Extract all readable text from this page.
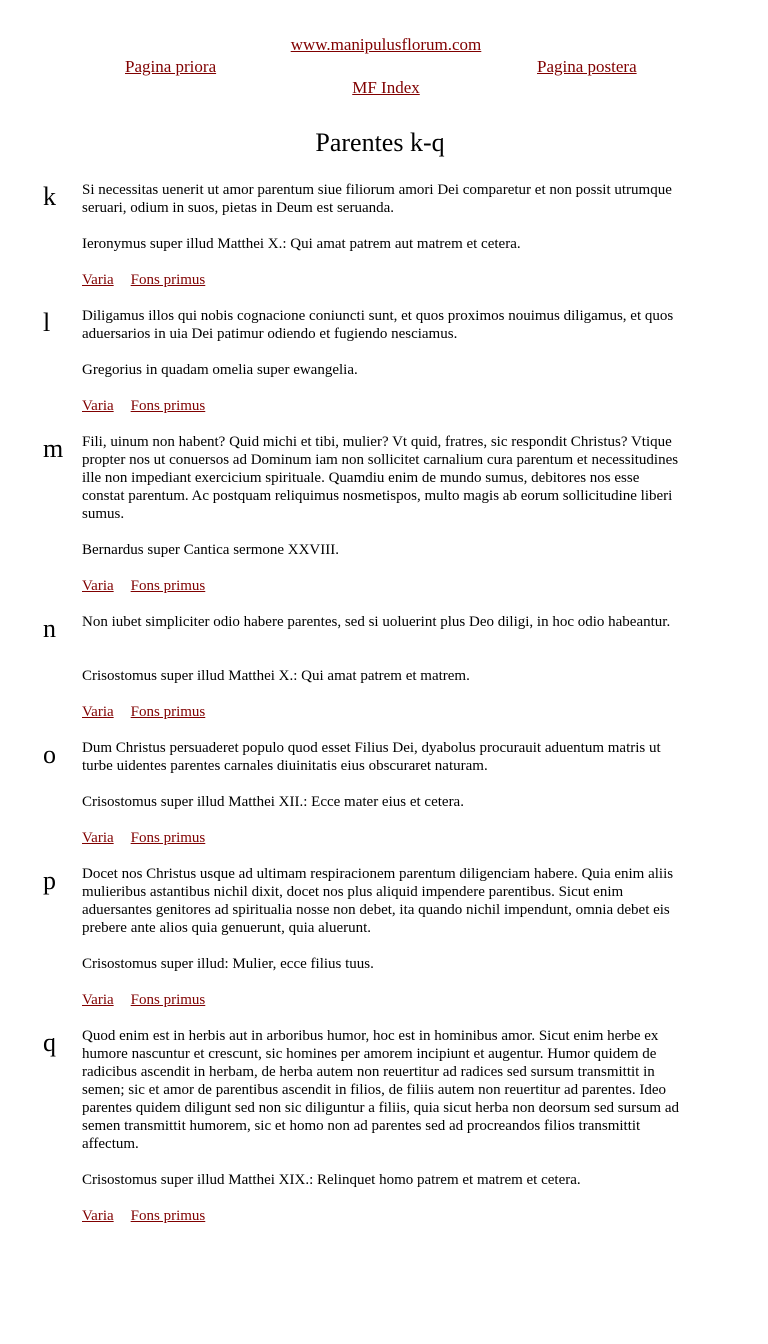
www.manipulusflorum.com
Pagina priora	Pagina postera
MF Index
Parentes k-q
k	Si necessitas uenerit ut amor parentum siue filiorum amori Dei comparetur et non possit utrumque seruari, odium in suos, pietas in Deum est seruanda.

Ieronymus super illud Matthei X.: Qui amat patrem aut matrem et cetera.

Varia Fons primus
l	Diligamus illos qui nobis cognacione coniuncti sunt, et quos proximos nouimus diligamus, et quos aduersarios in uia Dei patimur odiendo et fugiendo nesciamus.

Gregorius in quadam omelia super ewangelia.

Varia Fons primus
m Fili, uinum non habent? Quid michi et tibi, mulier? Vt quid, fratres, sic respondit Christus? Vtique propter nos ut conuersos ad Dominum iam non sollicitet carnalium cura parentum et necessitudines ille non impediant exercicium spirituale. Quamdiu enim de mundo sumus, debitores nos esse constat parentum. Ac postquam reliquimus nosmetispos, multo magis ab eorum sollicitudine liberi sumus.

Bernardus super Cantica sermone XXVIII.

Varia Fons primus
n	Non iubet simpliciter odio habere parentes, sed si uoluerint plus Deo diligi, in hoc odio habeantur.

Crisostomus super illud Matthei X.: Qui amat patrem et matrem.

Varia Fons primus
o	Dum Christus persuaderet populo quod esset Filius Dei, dyabolus procurauit aduentum matris ut turbe uidentes parentes carnales diuinitatis eius obscuraret naturam.

Crisostomus super illud Matthei XII.: Ecce mater eius et cetera.

Varia Fons primus
p	Docet nos Christus usque ad ultimam respiracionem parentum diligenciam habere. Quia enim aliis mulieribus astantibus nichil dixit, docet nos plus aliquid impendere parentibus. Sicut enim aduersantes genitores ad spiritualia nosse non debet, ita quando nichil impendunt, omnia debet eis prebere ante alios quia genuerunt, quia aluerunt.

Crisostomus super illud: Mulier, ecce filius tuus.

Varia Fons primus
q	Quod enim est in herbis aut in arboribus humor, hoc est in hominibus amor. Sicut enim herbe ex humore nascuntur et crescunt, sic homines per amorem incipiunt et augentur. Humor quidem de radicibus ascendit in herbam, de herba autem non reuertitur ad radices sed sursum transmittit in semen; sic et amor de parentibus ascendit in filios, de filiis autem non reuertitur ad parentes. Ideo parentes quidem diligunt sed non sic diliguntur a filiis, quia sicut herba non deorsum sed sursum ad semen transmittit humorem, sic et homo non ad parentes sed ad procreandos filios transmittit affectum.

Crisostomus super illud Matthei XIX.: Relinquet homo patrem et matrem et cetera.

Varia Fons primus
